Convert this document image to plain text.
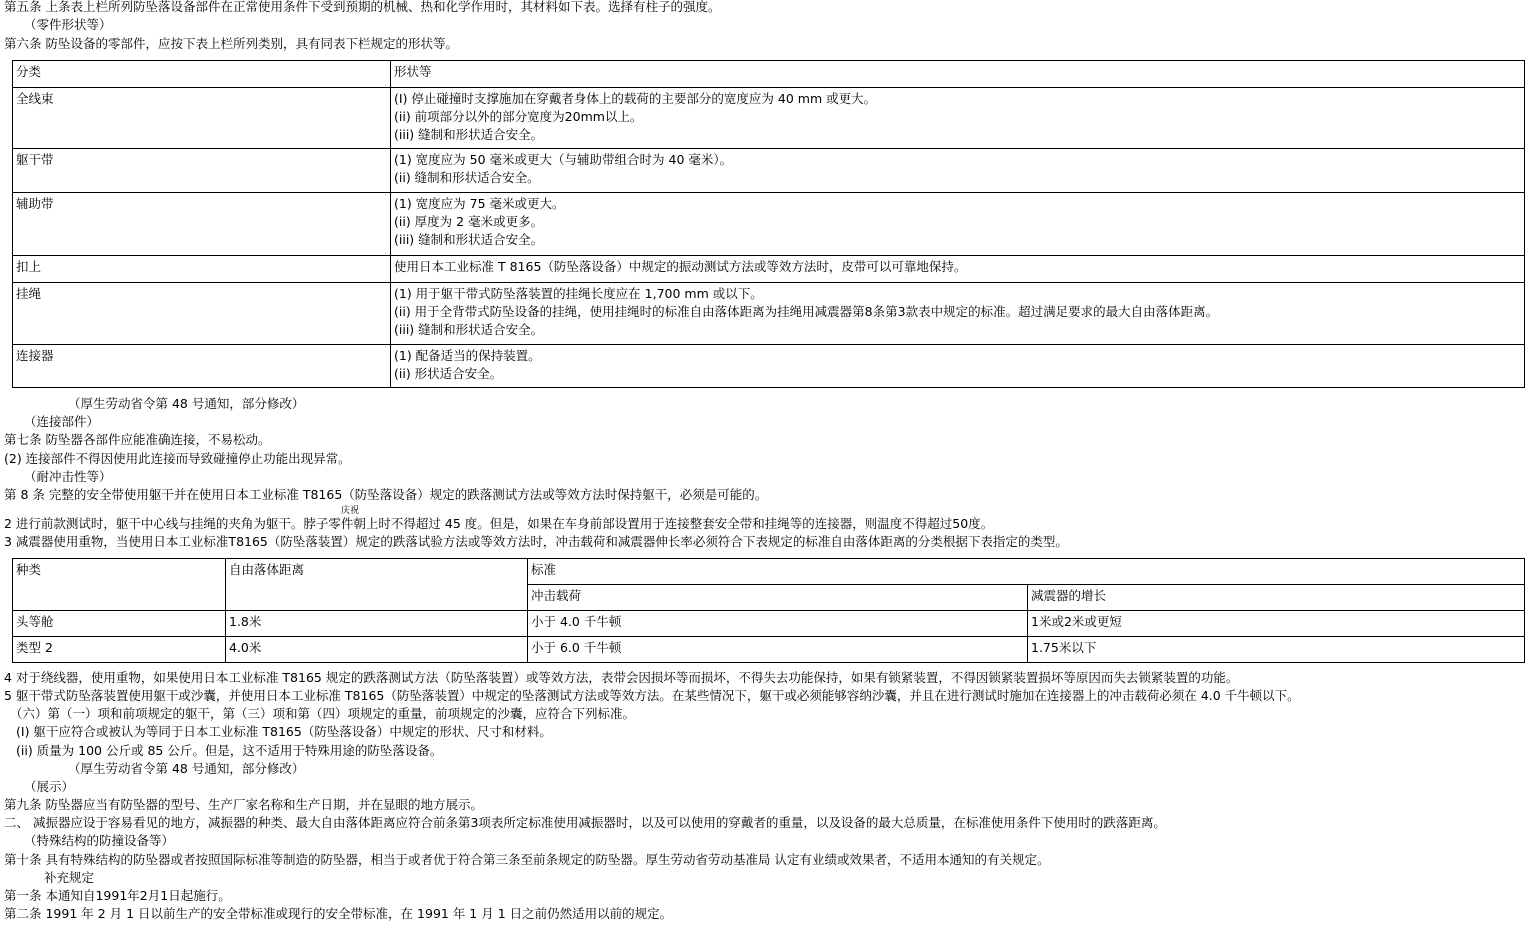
第五条 上条表上栏所列防坠落设备部件在正常使用条件下受到预期的机械、热和化学作用时，其材料如下表。选择有柱子的强度。
（零件形状等）
第六条 防坠设备的零部件，应按下表上栏所列类别，具有同表下栏规定的形状等。
分类	形状等
全线束	(I) 停止碰撞时支撑施加在穿戴者身体上的载荷的主要部分的宽度应为 40 mm 或更大。
(ii) 前项部分以外的部分宽度为20mm以上。
(iii) 缝制和形状适合安全。

躯干带	(1) 宽度应为 50 毫米或更大（与辅助带组合时为 40 毫米）。
(ii) 缝制和形状适合安全。

辅助带	(1) 宽度应为 75 毫米或更大。
(ii) 厚度为 2 毫米或更多。
(iii) 缝制和形状适合安全。

扣上	使用日本工业标准 T 8165（防坠落设备）中规定的振动测试方法或等效方法时，皮带可以可靠地保持。

挂绳	(1) 用于躯干带式防坠落装置的挂绳长度应在 1,700 mm 或以下。
(ii) 用于全背带式防坠设备的挂绳，使用挂绳时的标准自由落体距离为挂绳用减震器第8条第3款表中规定的标准。超过满足要求的最大自由落体距离。
(iii) 缝制和形状适合安全。

连接器	(1) 配备适当的保持装置。
(ii) 形状适合安全。
（厚生劳动省令第 48 号通知，部分修改）
（连接部件）
第七条 防坠器各部件应能准确连接，不易松动。
(2) 连接部件不得因使用此连接而导致碰撞停止功能出现异常。
（耐冲击性等）
第 8 条 完整的安全带使用躯干并在使用日本工业标准 T8165（防坠落设备）规定的跌落测试方法或等效方法时保持躯干，必须是可能的。
庆祝
2 进行前款测试时，躯干中心线与挂绳的夹角为躯干。脖子零件朝上时不得超过 45 度。但是，如果在车身前部设置用于连接整套安全带和挂绳等的连接器，则温度不得超过50度。
3 减震器使用重物，当使用日本工业标准T8165（防坠落装置）规定的跌落试验方法或等效方法时，冲击载荷和减震器伸长率必须符合下表规定的标准自由落体距离的分类根据下表指定的类型。
种类	自由落体距离	标准	
		冲击载荷	减震器的增长
头等舱	1.8米	小于 4.0 千牛顿	1米或2米或更短
类型 2	4.0米	小于 6.0 千牛顿	1.75米以下
4 对于绕线器，使用重物，如果使用日本工业标准 T8165 规定的跌落测试方法（防坠落装置）或等效方法，表带会因损坏等而损坏，不得失去功能保持，如果有锁紧装置，不得因锁紧装置损坏等原因而失去锁紧装置的功能。
5 躯干带式防坠落装置使用躯干或沙囊，并使用日本工业标准 T8165（防坠落装置）中规定的坠落测试方法或等效方法。在某些情况下，躯干或必须能够容纳沙囊，并且在进行测试时施加在连接器上的冲击载荷必须在 4.0 千牛顿以下。
（六）第（一）项和前项规定的躯干，第（三）项和第（四）项规定的重量，前项规定的沙囊，应符合下列标准。
(I) 躯干应符合或被认为等同于日本工业标准 T8165（防坠落设备）中规定的形状、尺寸和材料。
(ii) 质量为 100 公斤或 85 公斤。但是，这不适用于特殊用途的防坠落设备。
（厚生劳动省令第 48 号通知，部分修改）
（展示）
第九条 防坠器应当有防坠器的型号、生产厂家名称和生产日期，并在显眼的地方展示。
二、 减振器应设于容易看见的地方，减振器的种类、最大自由落体距离应符合前条第3项表所定标准使用减振器时，以及可以使用的穿戴者的重量，以及设备的最大总质量，在标准使用条件下使用时的跌落距离。
（特殊结构的防撞设备等）
第十条 具有特殊结构的防坠器或者按照国际标准等制造的防坠器，相当于或者优于符合第三条至前条规定的防坠器。厚生劳动省劳动基准局 认定有业绩或效果者，不适用本通知的有关规定。
补充规定
第一条 本通知自1991年2月1日起施行。
第二条 1991 年 2 月 1 日以前生产的安全带标准或现行的安全带标准，在 1991 年 1 月 1 日之前仍然适用以前的规定。
